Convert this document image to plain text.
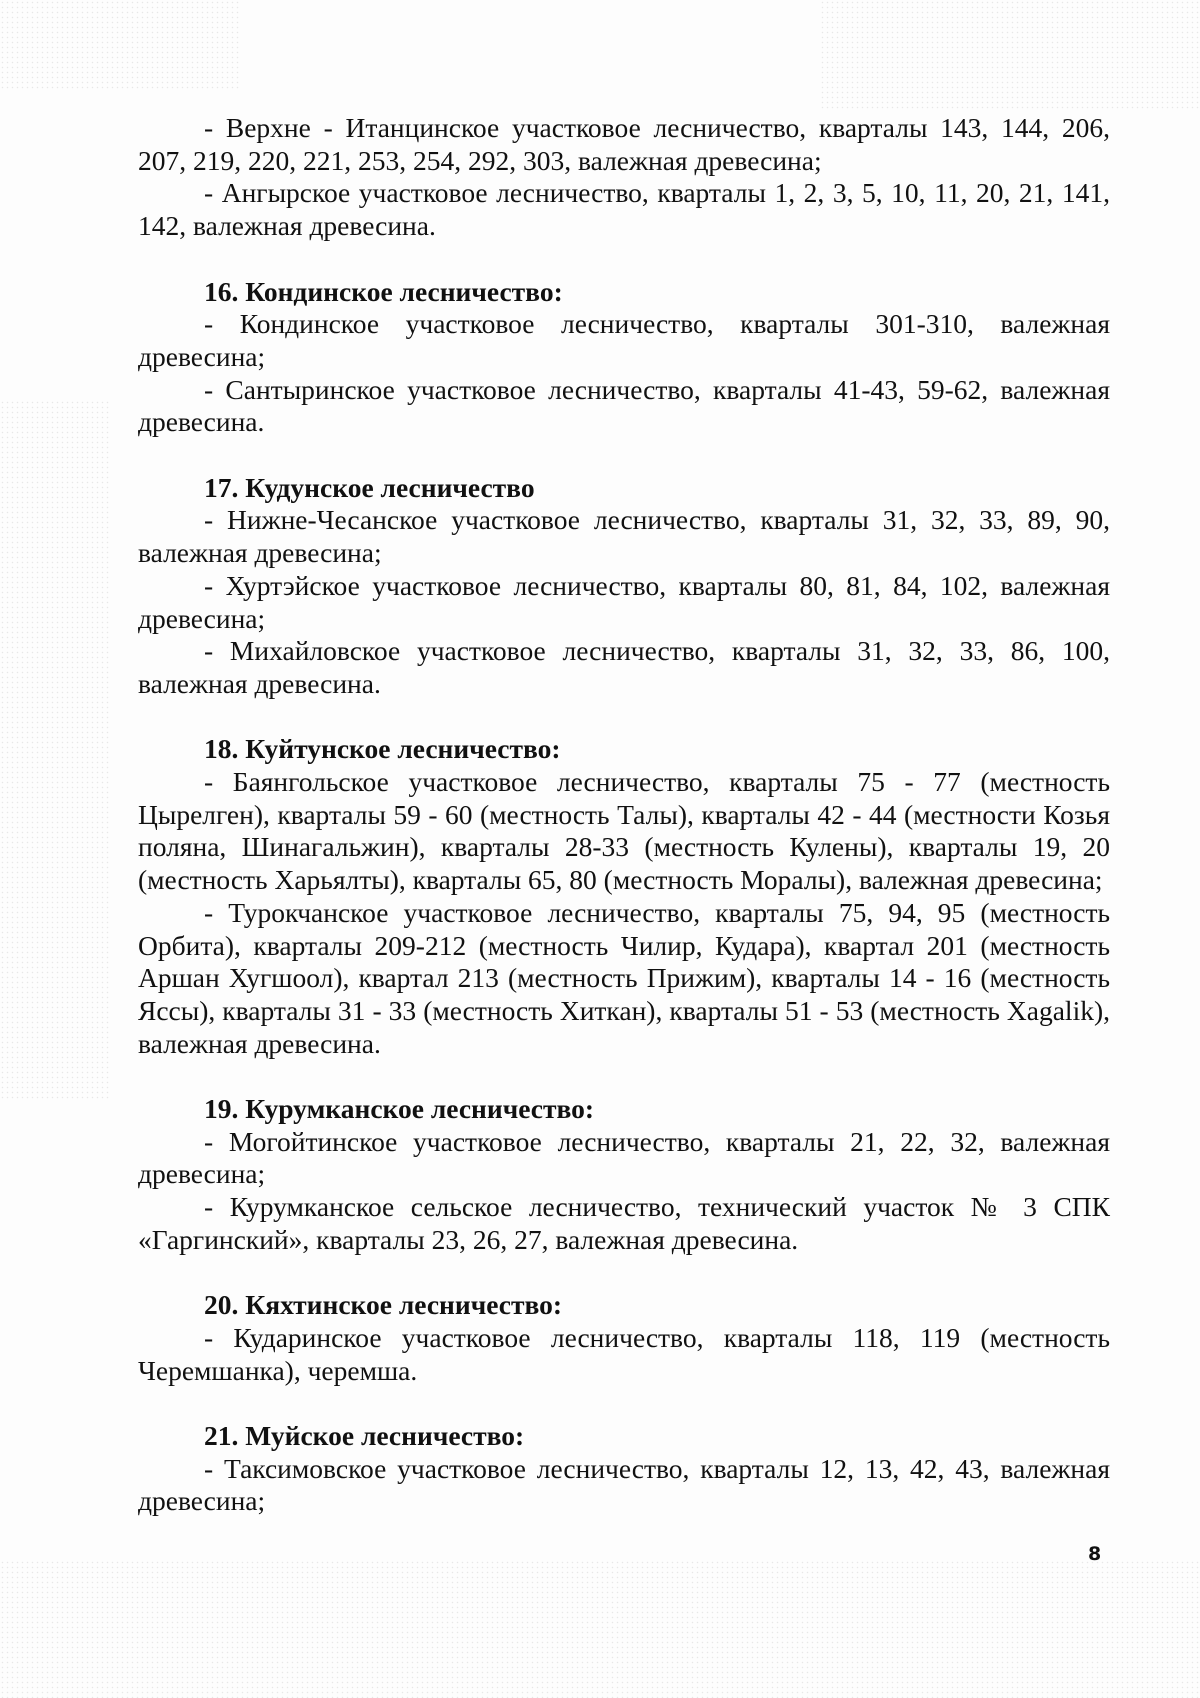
- Верхне - Итанцинское участковое лесничество, кварталы 143, 144, 206, 207, 219, 220, 221, 253, 254, 292, 303, валежная древесина;

- Ангырское участковое лесничество, кварталы 1, 2, 3, 5, 10, 11, 20, 21, 141, 142, валежная древесина.

16. Кондинское лесничество:

- Кондинское участковое лесничество, кварталы 301-310, валежная древесина;

- Сантыринское участковое лесничество, кварталы 41-43, 59-62, валежная древесина.

17. Кудунское лесничество

- Нижне-Чесанское участковое лесничество, кварталы 31, 32, 33, 89, 90, валежная древесина;

- Хуртэйское участковое лесничество, кварталы 80, 81, 84, 102, валежная древесина;

- Михайловское участковое лесничество, кварталы 31, 32, 33, 86, 100, валежная древесина.

18. Куйтунское лесничество:

- Баянгольское участковое лесничество, кварталы 75 - 77 (местность Цырелген), кварталы 59 - 60 (местность Талы), кварталы 42 - 44 (местности Козья поляна, Шинагальжин), кварталы 28-33 (местность Кулены), кварталы 19, 20 (местность Харьялты), кварталы 65, 80 (местность Моралы), валежная древесина;

- Турокчанское участковое лесничество, кварталы 75, 94, 95 (местность Орбита), кварталы 209-212 (местность Чилир, Кудара), квартал 201 (местность Аршан Хугшоол), квартал 213 (местность Прижим), кварталы 14 - 16 (местность Яссы), кварталы 31 - 33 (местность Хиткан), кварталы 51 - 53 (местность Хagalik), валежная древесина.

19. Курумканское лесничество:

- Могойтинское участковое лесничество, кварталы 21, 22, 32, валежная древесина;

- Курумканское сельское лесничество, технический участок № 3 СПК «Гаргинский», кварталы 23, 26, 27, валежная древесина.

20. Кяхтинское лесничество:

- Кударинское участковое лесничество, кварталы 118, 119 (местность Черемшанка), черемша.

21. Муйское лесничество:

- Таксимовское участковое лесничество, кварталы 12, 13, 42, 43, валежная древесина;

8
